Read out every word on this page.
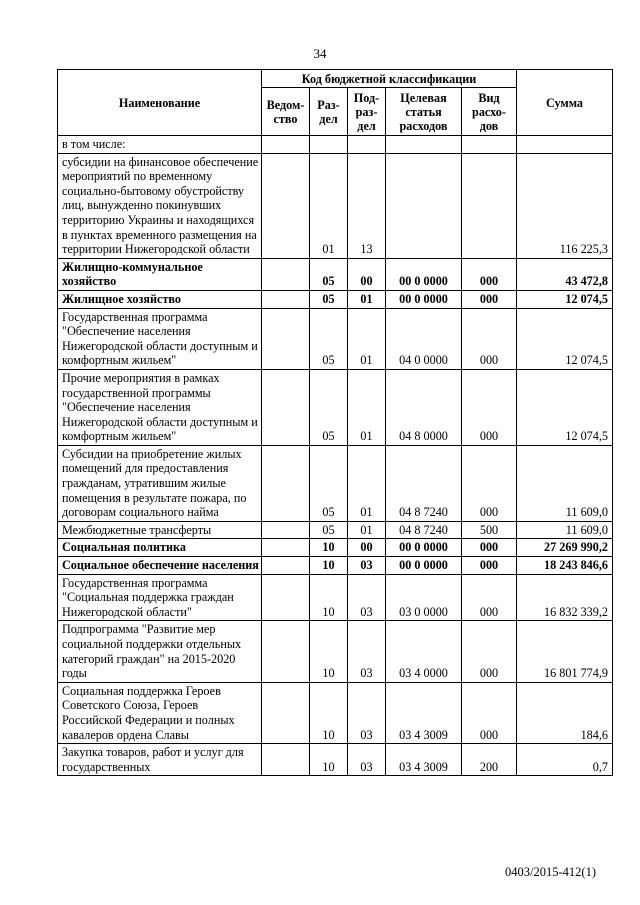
34
Наименование	Код бюджетной классификации					Сумма
	Ведом-ство	Раз-дел	Под-раз-дел	Целевая статья расходов	Вид расхо-дов	
в том числе:						
субсидии на финансовое обеспечение мероприятий по временному социально-бытовому обустройству лиц, вынужденно покинувших территорию Украины и находящихся в пунктах временного размещения на территории Нижегородской области		01	13			116 225,3
Жилищно-коммунальное хозяйство		05	00	00 0 0000	000	43 472,8
Жилищное хозяйство		05	01	00 0 0000	000	12 074,5
Государственная программа "Обеспечение населения Нижегородской области доступным и комфортным жильем"		05	01	04 0 0000	000	12 074,5
Прочие мероприятия в рамках государственной программы "Обеспечение населения Нижегородской области доступным и комфортным жильем"		05	01	04 8 0000	000	12 074,5
Субсидии на приобретение жилых помещений для предоставления гражданам, утратившим жилые помещения в результате пожара, по договорам социального найма		05	01	04 8 7240	000	11 609,0
Межбюджетные трансферты		05	01	04 8 7240	500	11 609,0
Социальная политика		10	00	00 0 0000	000	27 269 990,2
Социальное обеспечение населения		10	03	00 0 0000	000	18 243 846,6
Государственная программа "Социальная поддержка граждан Нижегородской области"		10	03	03 0 0000	000	16 832 339,2
Подпрограмма "Развитие мер социальной поддержки отдельных категорий граждан" на 2015-2020 годы		10	03	03 4 0000	000	16 801 774,9
Социальная поддержка Героев Советского Союза, Героев Российской Федерации и полных кавалеров ордена Славы		10	03	03 4 3009	000	184,6
Закупка товаров, работ и услуг для государственных		10	03	03 4 3009	200	0,7
0403/2015-412(1)
